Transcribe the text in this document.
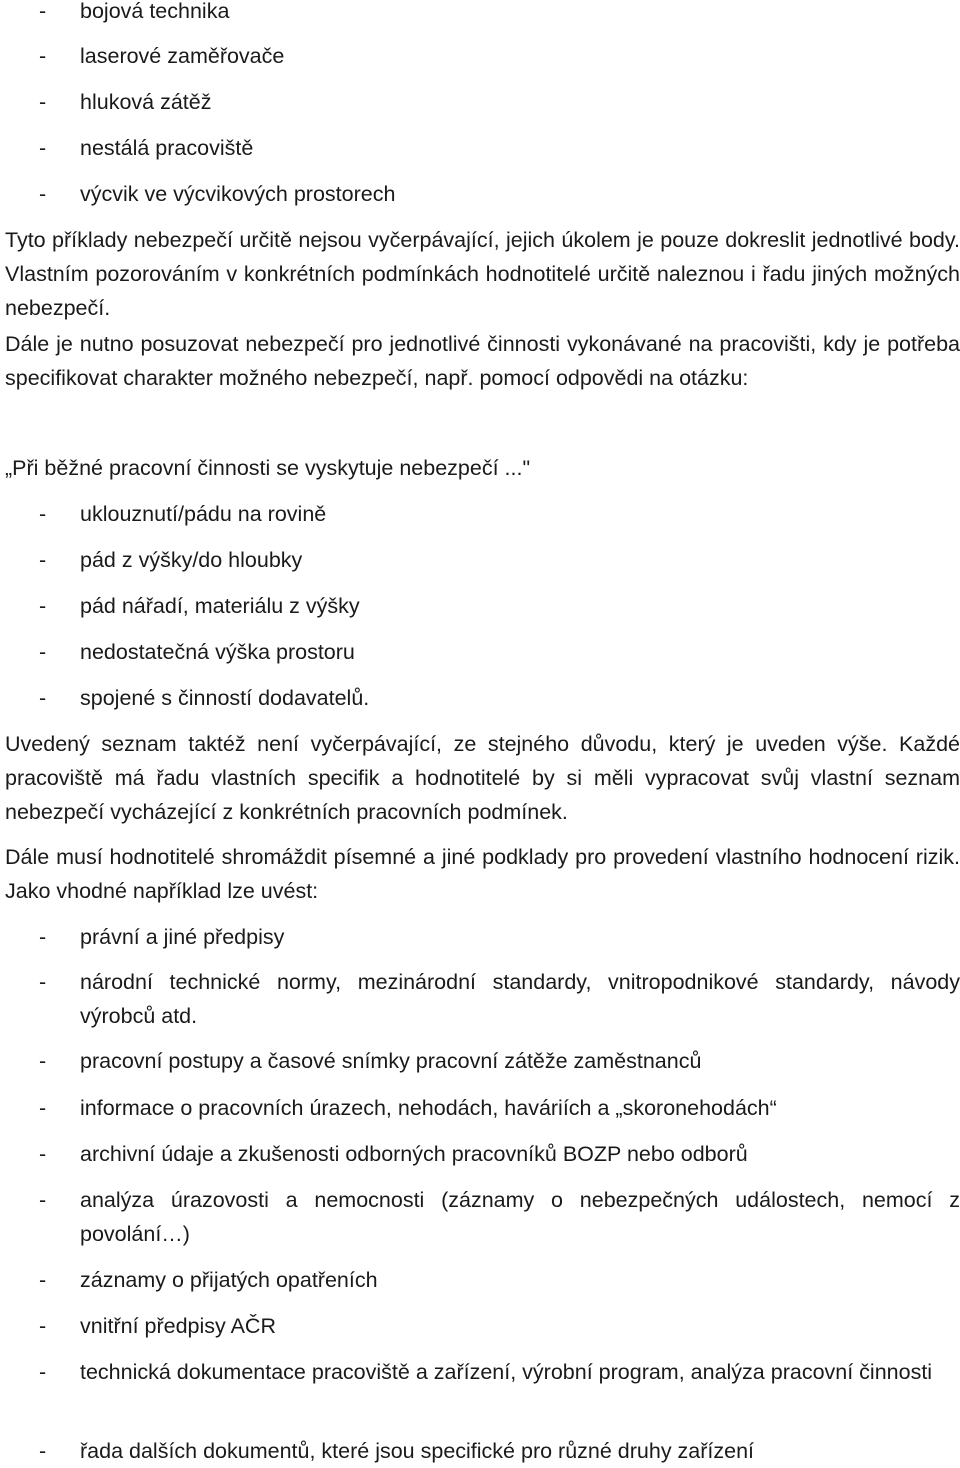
-	bojová technika
-	laserové zaměřovače
-	hluková zátěž
-	nestálá pracoviště
-	výcvik ve výcvikových prostorech
Tyto příklady nebezpečí určitě nejsou vyčerpávající, jejich úkolem je pouze dokreslit jednotlivé body. Vlastním pozorováním v konkrétních podmínkách hodnotitelé určitě naleznou i řadu jiných možných nebezpečí.
Dále je nutno posuzovat nebezpečí pro jednotlivé činnosti vykonávané na pracovišti, kdy je potřeba specifikovat charakter možného nebezpečí, např. pomocí odpovědi na otázku:
„Při běžné pracovní činnosti se vyskytuje nebezpečí ..."
-	uklouznutí/pádu na rovině
-	pád z výšky/do hloubky
-	pád nářadí, materiálu z výšky
-	nedostatečná výška prostoru
-	spojené s činností dodavatelů.
Uvedený seznam taktéž není vyčerpávající, ze stejného důvodu, který je uveden výše. Každé pracoviště má řadu vlastních specifik a hodnotitelé by si měli vypracovat svůj vlastní seznam nebezpečí vycházející z konkrétních pracovních podmínek.
Dále musí hodnotitelé shromáždit písemné a jiné podklady pro provedení vlastního hodnocení rizik. Jako vhodné například lze uvést:
-	právní a jiné předpisy
-	národní technické normy, mezinárodní standardy, vnitropodnikové standardy, návody výrobců atd.
-	pracovní postupy a časové snímky pracovní zátěže zaměstnanců
-	informace o pracovních úrazech, nehodách, haváriích a „skoronehodách“
-	archivní údaje a zkušenosti odborných pracovníků BOZP nebo odborů
-	analýza úrazovosti a nemocnosti (záznamy o nebezpečných událostech, nemocí z povolání…)
-	záznamy o přijatých opatřeních
-	vnitřní předpisy AČR
-	technická dokumentace pracoviště a zařízení, výrobní program, analýza pracovní činnosti
-	řada dalších dokumentů, které jsou specifické pro různé druhy zařízení
